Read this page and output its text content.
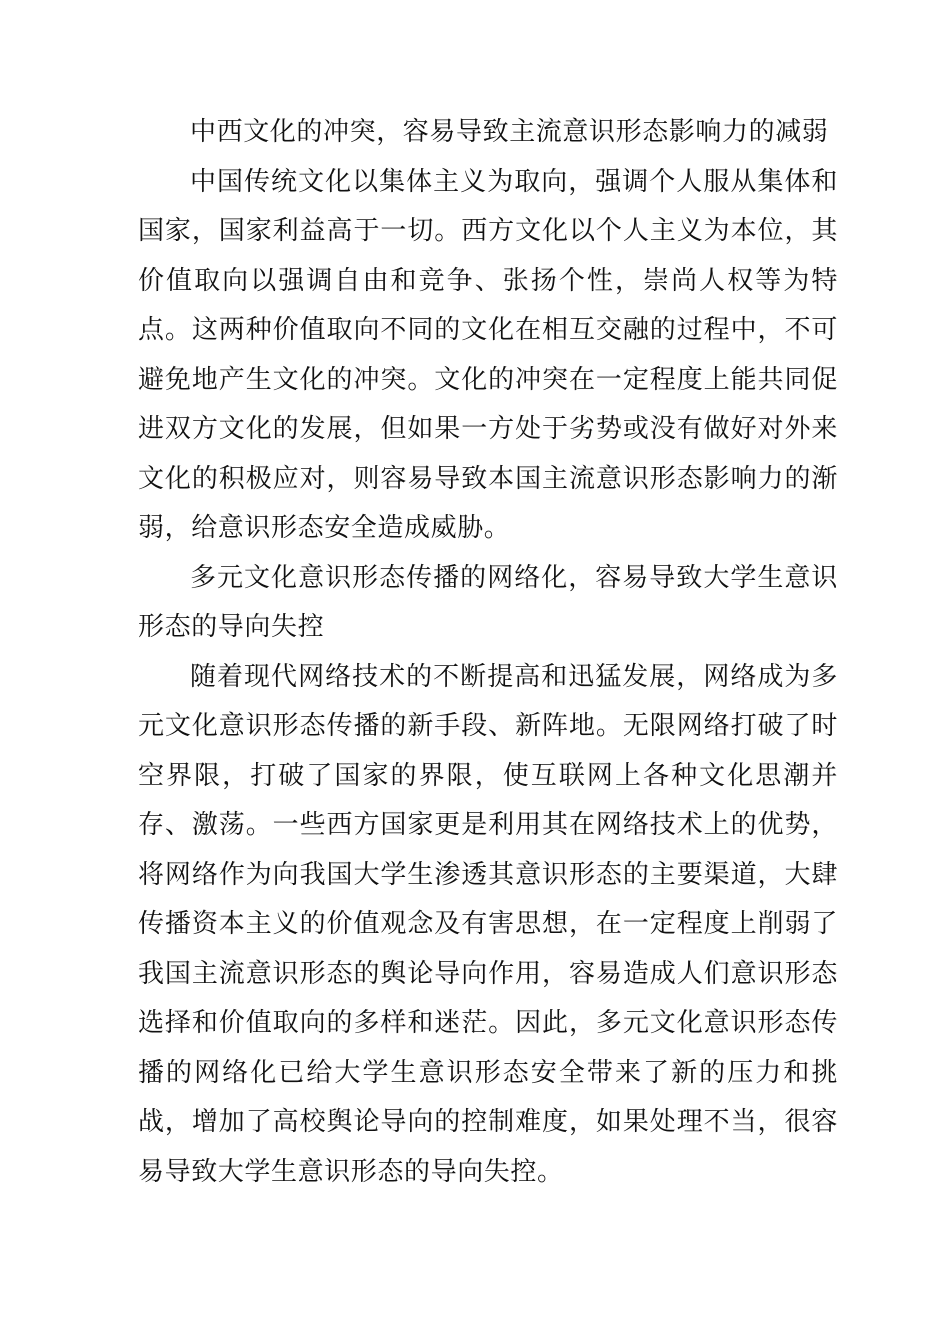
中西文化的冲突，容易导致主流意识形态影响力的减弱

中国传统文化以集体主义为取向，强调个人服从集体和国家，国家利益高于一切。西方文化以个人主义为本位，其价值取向以强调自由和竞争、张扬个性，崇尚人权等为特点。这两种价值取向不同的文化在相互交融的过程中，不可避免地产生文化的冲突。文化的冲突在一定程度上能共同促进双方文化的发展，但如果一方处于劣势或没有做好对外来文化的积极应对，则容易导致本国主流意识形态影响力的渐弱，给意识形态安全造成威胁。

多元文化意识形态传播的网络化，容易导致大学生意识形态的导向失控

随着现代网络技术的不断提高和迅猛发展，网络成为多元文化意识形态传播的新手段、新阵地。无限网络打破了时空界限，打破了国家的界限，使互联网上各种文化思潮并存、激荡。一些西方国家更是利用其在网络技术上的优势，将网络作为向我国大学生渗透其意识形态的主要渠道，大肆传播资本主义的价值观念及有害思想，在一定程度上削弱了我国主流意识形态的舆论导向作用，容易造成人们意识形态选择和价值取向的多样和迷茫。因此，多元文化意识形态传播的网络化已给大学生意识形态安全带来了新的压力和挑战，增加了高校舆论导向的控制难度，如果处理不当，很容易导致大学生意识形态的导向失控。
